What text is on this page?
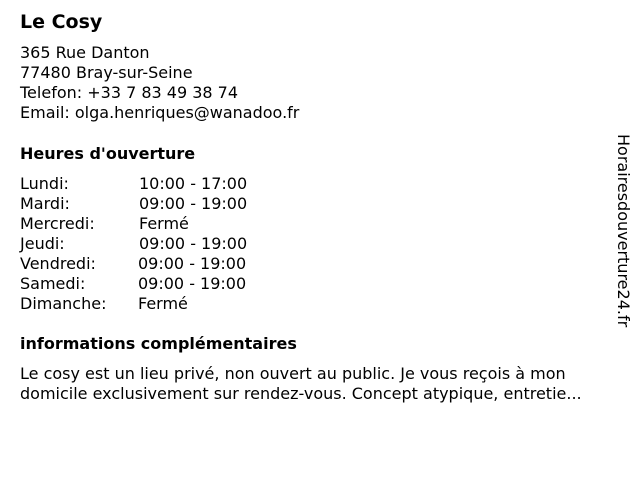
Le Cosy
365 Rue Danton
77480 Bray-sur-Seine
Telefon: +33 7 83 49 38 74
Email: olga.henriques@wanadoo.fr
Heures d'ouverture
Lundi:	10:00 - 17:00
Mardi:	09:00 - 19:00
Mercredi:	Fermé
Jeudi:	09:00 - 19:00
Vendredi:	09:00 - 19:00
Samedi:	09:00 - 19:00
Dimanche: Fermé
informations complémentaires
Le cosy est un lieu privé, non ouvert au public. Je vous reçois à mon
domicile exclusivement sur rendez-vous. Concept atypique, entretie...
Horairesdouverture24.fr
